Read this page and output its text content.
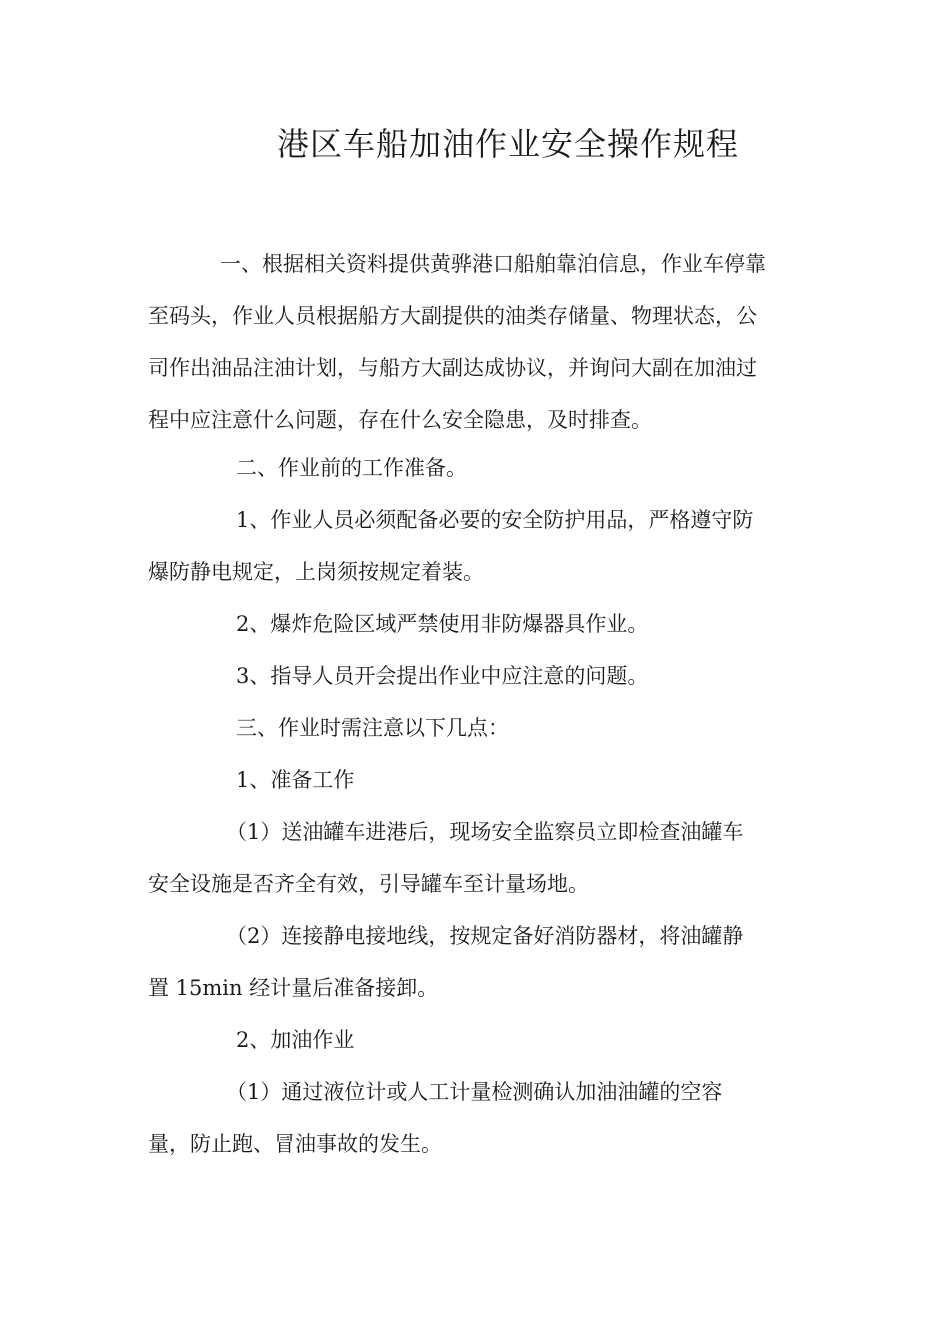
港区车船加油作业安全操作规程

一、根据相关资料提供黄骅港口船舶靠泊信息，作业车停靠
至码头，作业人员根据船方大副提供的油类存储量、物理状态，公
司作出油品注油计划，与船方大副达成协议，并询问大副在加油过
程中应注意什么问题，存在什么安全隐患，及时排查。

二、作业前的工作准备。

1、作业人员必须配备必要的安全防护用品，严格遵守防
爆防静电规定，上岗须按规定着装。

2、爆炸危险区域严禁使用非防爆器具作业。

3、指导人员开会提出作业中应注意的问题。

三、作业时需注意以下几点：

1、准备工作

（1）送油罐车进港后，现场安全监察员立即检查油罐车
安全设施是否齐全有效，引导罐车至计量场地。

（2）连接静电接地线，按规定备好消防器材，将油罐静
置 15min 经计量后准备接卸。

2、加油作业

（1）通过液位计或人工计量检测确认加油油罐的空容
量，防止跑、冒油事故的发生。
